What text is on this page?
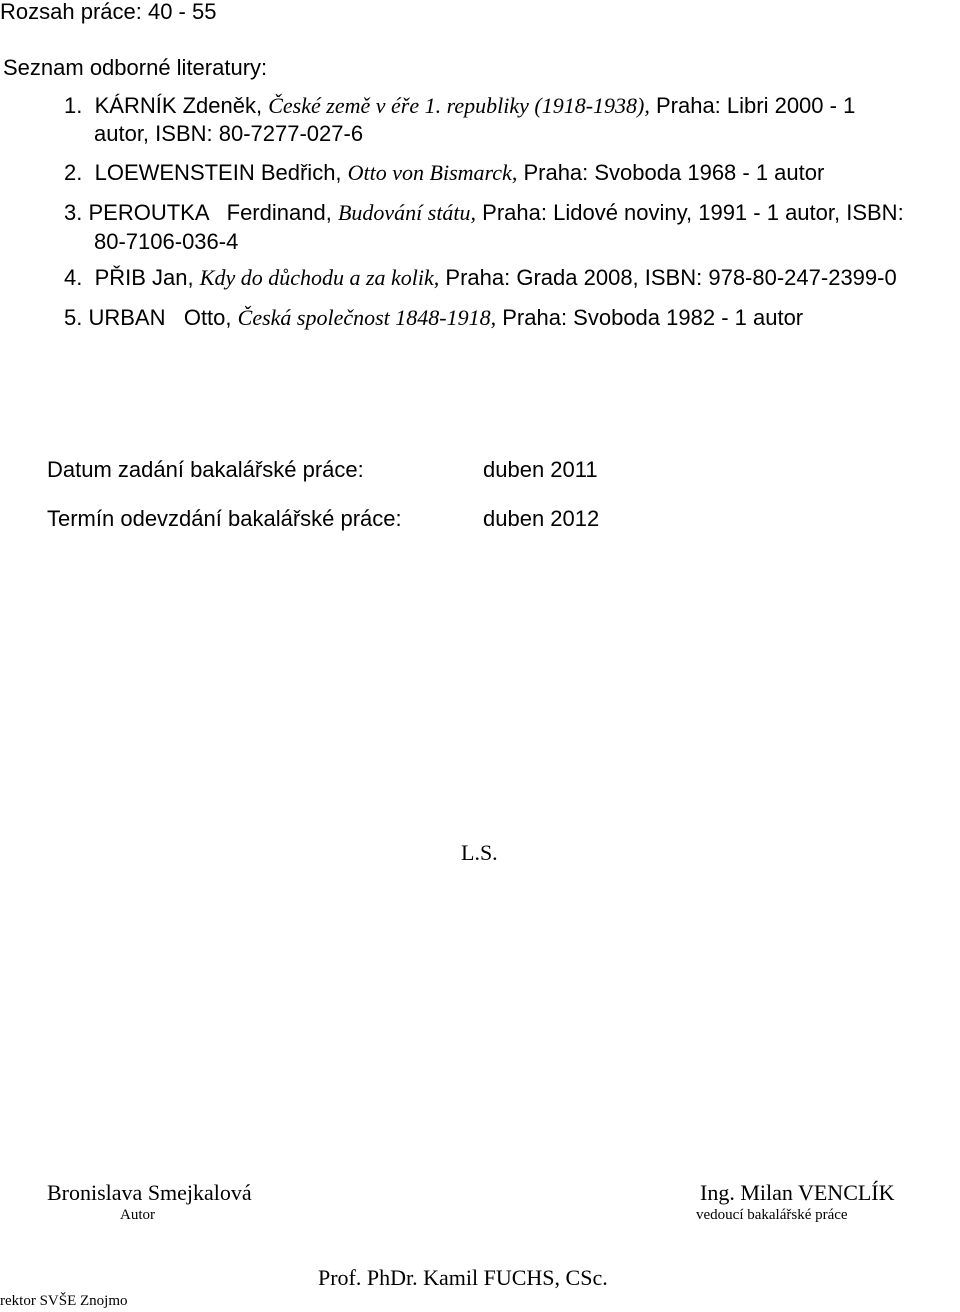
Rozsah práce: 40 - 55
Seznam odborné literatury:
1. KÁRNÍK Zdeněk, České země v éře 1. republiky (1918-1938), Praha: Libri 2000 - 1
autor, ISBN: 80-7277-027-6
2. LOEWENSTEIN Bedřich, Otto von Bismarck, Praha: Svoboda 1968 - 1 autor
3. PEROUTKA   Ferdinand, Budování státu, Praha: Lidové noviny, 1991 - 1 autor, ISBN:
80-7106-036-4
4. PŘIB Jan, Kdy do důchodu a za kolik, Praha: Grada 2008, ISBN: 978-80-247-2399-0
5. URBAN   Otto, Česká společnost 1848-1918, Praha: Svoboda 1982 - 1 autor
Datum zadání bakalářské práce:	duben 2011
Termín odevzdání bakalářské práce:	duben 2012
L.S.
Bronislava Smejkalová
Autor
Ing. Milan VENCLÍK
vedoucí bakalářské práce
Prof. PhDr. Kamil FUCHS, CSc.
rektor SVŠE Znojmo
